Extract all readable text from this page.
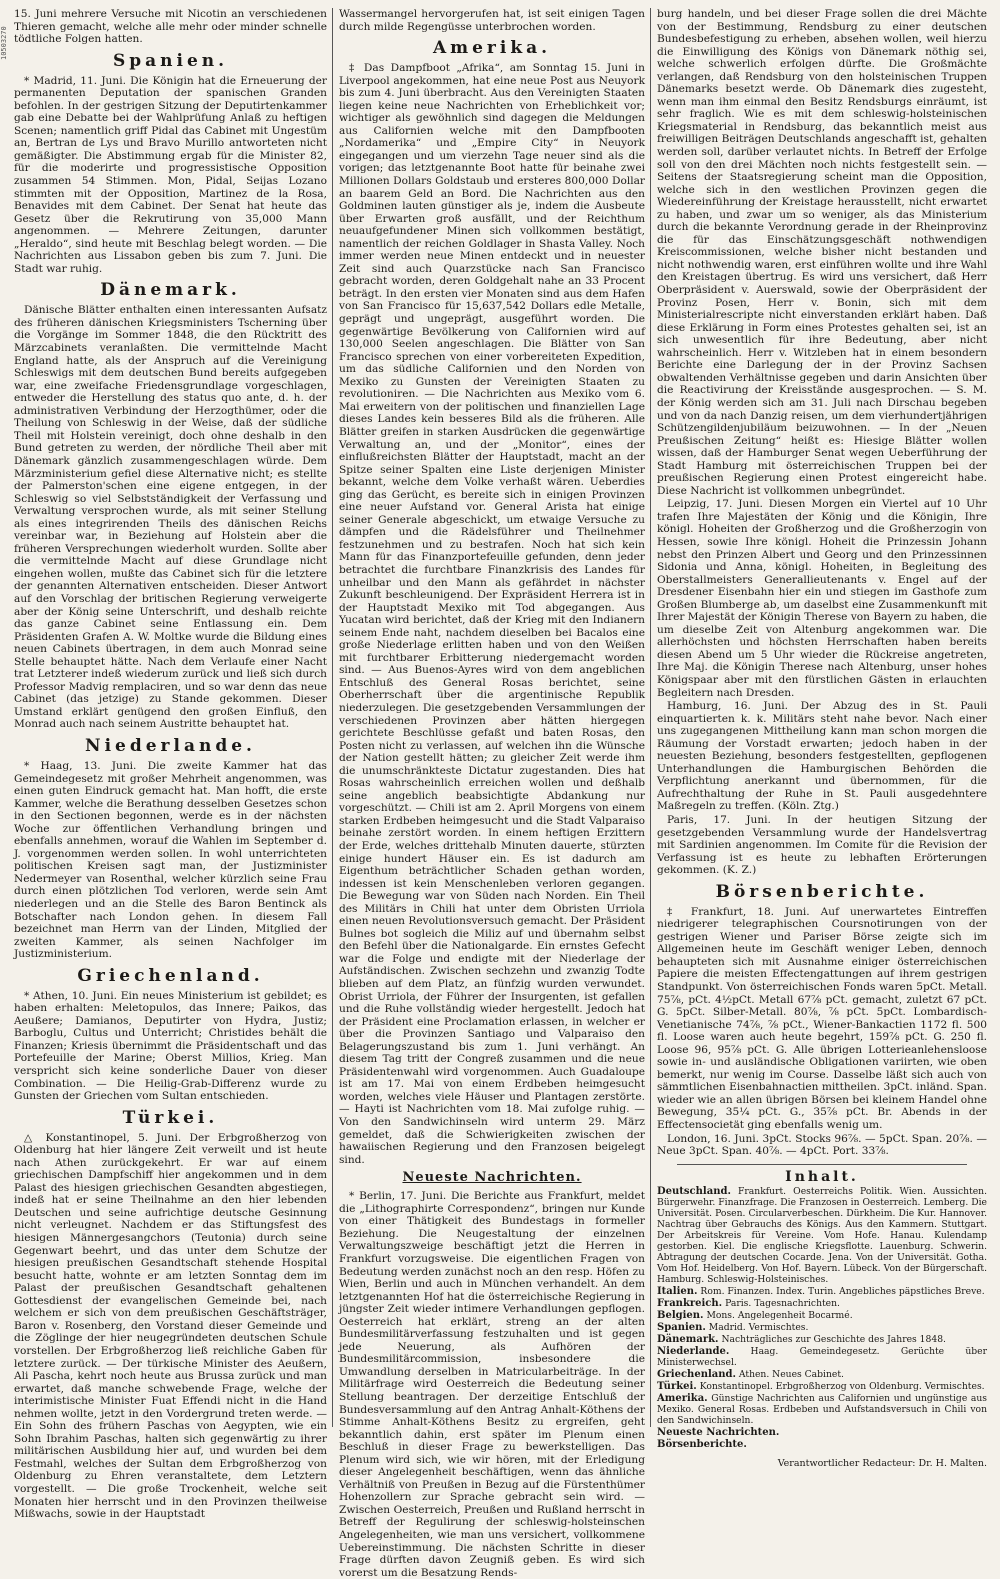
10503270

15. Juni mehrere Versuche mit Nicotin an verschiedenen Thieren gemacht, welche alle mehr oder minder schnelle tödtliche Folgen hatten.

Spanien.

* Madrid, 11. Juni. Die Königin hat die Erneuerung der permanenten Deputation der spanischen Granden befohlen. In der gestrigen Sitzung der Deputirtenkammer gab eine Debatte bei der Wahlprüfung Anlaß zu heftigen Scenen; namentlich griff Pidal das Cabinet mit Ungestüm an, Bertran de Lys und Bravo Murillo antworteten nicht gemäßigter. Die Abstimmung ergab für die Minister 82, für die moderirte und progressistische Opposition zusammen 54 Stimmen. Mon, Pidal, Seijas Lozano stimmten mit der Opposition, Martinez de la Rosa, Benavides mit dem Cabinet. Der Senat hat heute das Gesetz über die Rekrutirung von 35,000 Mann angenommen. — Mehrere Zeitungen, darunter „Heraldo“, sind heute mit Beschlag belegt worden. — Die Nachrichten aus Lissabon geben bis zum 7. Juni. Die Stadt war ruhig.

Dänemark.

Dänische Blätter enthalten einen interessanten Aufsatz des früheren dänischen Kriegsministers Tscherning über die Vorgänge im Sommer 1848, die den Rücktritt des Märzcabinets veranlaßten. Die vermittelnde Macht England hatte, als der Anspruch auf die Vereinigung Schleswigs mit dem deutschen Bund bereits aufgegeben war, eine zweifache Friedensgrundlage vorgeschlagen, entweder die Herstellung des status quo ante, d. h. der administrativen Verbindung der Herzogthümer, oder die Theilung von Schleswig in der Weise, daß der südliche Theil mit Holstein vereinigt, doch ohne deshalb in den Bund getreten zu werden, der nördliche Theil aber mit Dänemark gänzlich zusammengeschlagen würde. Dem Märzministerium gefiel diese Alternative nicht; es stellte der Palmerston'schen eine eigene entgegen, in der Schleswig so viel Selbstständigkeit der Verfassung und Verwaltung versprochen wurde, als mit seiner Stellung als eines integrirenden Theils des dänischen Reichs vereinbar war, in Beziehung auf Holstein aber die früheren Versprechungen wiederholt wurden. Sollte aber die vermittelnde Macht auf diese Grundlage nicht eingehen wollen, mußte das Cabinet sich für die letztere der genannten Alternativen entscheiden. Dieser Antwort auf den Vorschlag der britischen Regierung verweigerte aber der König seine Unterschrift, und deshalb reichte das ganze Cabinet seine Entlassung ein. Dem Präsidenten Grafen A. W. Moltke wurde die Bildung eines neuen Cabinets übertragen, in dem auch Monrad seine Stelle behauptet hätte. Nach dem Verlaufe einer Nacht trat Letzterer indeß wiederum zurück und ließ sich durch Professor Madvig remplaciren, und so war denn das neue Cabinet (das jetzige) zu Stande gekommen. Dieser Umstand erklärt genügend den großen Einfluß, den Monrad auch nach seinem Austritte behauptet hat.

Niederlande.

* Haag, 13. Juni. Die zweite Kammer hat das Gemeindegesetz mit großer Mehrheit angenommen, was einen guten Eindruck gemacht hat. Man hofft, die erste Kammer, welche die Berathung desselben Gesetzes schon in den Sectionen begonnen, werde es in der nächsten Woche zur öffentlichen Verhandlung bringen und ebenfalls annehmen, worauf die Wahlen im September d. J. vorgenommen werden sollen. In wohl unterrichteten politischen Kreisen sagt man, der Justizminister Nedermeyer van Rosenthal, welcher kürzlich seine Frau durch einen plötzlichen Tod verloren, werde sein Amt niederlegen und an die Stelle des Baron Bentinck als Botschafter nach London gehen. In diesem Fall bezeichnet man Herrn van der Linden, Mitglied der zweiten Kammer, als seinen Nachfolger im Justizministerium.

Griechenland.

* Athen, 10. Juni. Ein neues Ministerium ist gebildet; es haben erhalten: Meletopulos, das Innere; Paikos, das Aeußere; Damianos, Deputirter von Hydra, Justiz; Barboglu, Cultus und Unterricht; Christides behält die Finanzen; Kriesis übernimmt die Präsidentschaft und das Portefeuille der Marine; Oberst Millios, Krieg. Man verspricht sich keine sonderliche Dauer von dieser Combination. — Die Heilig-Grab-Differenz wurde zu Gunsten der Griechen vom Sultan entschieden.

Türkei.

△ Konstantinopel, 5. Juni. Der Erbgroßherzog von Oldenburg hat hier längere Zeit verweilt und ist heute nach Athen zurückgekehrt. Er war auf einem griechischen Dampfschiff hier angekommen und in dem Palast des hiesigen griechischen Gesandten abgestiegen, indeß hat er seine Theilnahme an den hier lebenden Deutschen und seine aufrichtige deutsche Gesinnung nicht verleugnet. Nachdem er das Stiftungsfest des hiesigen Männergesangchors (Teutonia) durch seine Gegenwart beehrt, und das unter dem Schutze der hiesigen preußischen Gesandtschaft stehende Hospital besucht hatte, wohnte er am letzten Sonntag dem im Palast der preußischen Gesandtschaft gehaltenen Gottesdienst der evangelischen Gemeinde bei, nach welchem er sich von dem preußischen Geschäftsträger, Baron v. Rosenberg, den Vorstand dieser Gemeinde und die Zöglinge der hier neugegründeten deutschen Schule vorstellen. Der Erbgroßherzog ließ reichliche Gaben für letztere zurück. — Der türkische Minister des Aeußern, Ali Pascha, kehrt noch heute aus Brussa zurück und man erwartet, daß manche schwebende Frage, welche der interimistische Minister Fuat Effendi nicht in die Hand nehmen wollte, jetzt in den Vordergrund treten werde. — Ein Sohn des frühern Paschas von Aegypten, wie ein Sohn Ibrahim Paschas, halten sich gegenwärtig zu ihrer militärischen Ausbildung hier auf, und wurden bei dem Festmahl, welches der Sultan dem Erbgroßherzog von Oldenburg zu Ehren veranstaltete, dem Letztern vorgestellt. — Die große Trockenheit, welche seit Monaten hier herrscht und in den Provinzen theilweise Mißwachs, sowie in der Hauptstadt

Wassermangel hervorgerufen hat, ist seit einigen Tagen durch milde Regengüsse unterbrochen worden.

Amerika.

‡ Das Dampfboot „Afrika“, am Sonntag 15. Juni in Liverpool angekommen, hat eine neue Post aus Neuyork bis zum 4. Juni überbracht. Aus den Vereinigten Staaten liegen keine neue Nachrichten von Erheblichkeit vor; wichtiger als gewöhnlich sind dagegen die Meldungen aus Californien welche mit den Dampfbooten „Nordamerika“ und „Empire City“ in Neuyork eingegangen und um vierzehn Tage neuer sind als die vorigen; das letztgenannte Boot hatte für beinahe zwei Millionen Dollars Goldstaub und ersteres 800,000 Dollar an baarem Geld an Bord. Die Nachrichten aus den Goldminen lauten günstiger als je, indem die Ausbeute über Erwarten groß ausfällt, und der Reichthum neuaufgefundener Minen sich vollkommen bestätigt, namentlich der reichen Goldlager in Shasta Valley. Noch immer werden neue Minen entdeckt und in neuester Zeit sind auch Quarzstücke nach San Francisco gebracht worden, deren Goldgehalt nahe an 33 Procent beträgt. In den ersten vier Monaten sind aus dem Hafen von San Francisco für 15,637,542 Dollars edle Metalle, geprägt und ungeprägt, ausgeführt worden. Die gegenwärtige Bevölkerung von Californien wird auf 130,000 Seelen angeschlagen. Die Blätter von San Francisco sprechen von einer vorbereiteten Expedition, um das südliche Californien und den Norden von Mexiko zu Gunsten der Vereinigten Staaten zu revolutioniren. — Die Nachrichten aus Mexiko vom 6. Mai erweitern von der politischen und finanziellen Lage dieses Landes kein besseres Bild als die früheren. Alle Blätter greifen in starken Ausdrücken die gegenwärtige Verwaltung an, und der „Monitor“, eines der einflußreichsten Blätter der Hauptstadt, macht an der Spitze seiner Spalten eine Liste derjenigen Minister bekannt, welche dem Volke verhaßt wären. Ueberdies ging das Gerücht, es bereite sich in einigen Provinzen eine neuer Aufstand vor. General Arista hat einige seiner Generale abgeschickt, um etwaige Versuche zu dämpfen und die Rädelsführer und Theilnehmer festzunehmen und zu bestrafen. Noch hat sich kein Mann für das Finanzportefeuille gefunden, denn jeder betrachtet die furchtbare Finanzkrisis des Landes für unheilbar und den Mann als gefährdet in nächster Zukunft beschleunigend. Der Expräsident Herrera ist in der Hauptstadt Mexiko mit Tod abgegangen. Aus Yucatan wird berichtet, daß der Krieg mit den Indianern seinem Ende naht, nachdem dieselben bei Bacalos eine große Niederlage erlitten haben und von den Weißen mit furchtbarer Erbitterung niedergemacht worden sind. — Aus Buenos-Ayres wird von dem angeblichen Entschluß des General Rosas berichtet, seine Oberherrschaft über die argentinische Republik niederzulegen. Die gesetzgebenden Versammlungen der verschiedenen Provinzen aber hätten hiergegen gerichtete Beschlüsse gefaßt und baten Rosas, den Posten nicht zu verlassen, auf welchen ihn die Wünsche der Nation gestellt hätten; zu gleicher Zeit werde ihm die unumschränkteste Dictatur zugestanden. Dies hat Rosas wahrscheinlich erreichen wollen und deßhalb seine angeblich beabsichtigte Abdankung nur vorgeschützt. — Chili ist am 2. April Morgens von einem starken Erdbeben heimgesucht und die Stadt Valparaiso beinahe zerstört worden. In einem heftigen Erzittern der Erde, welches drittehalb Minuten dauerte, stürzten einige hundert Häuser ein. Es ist dadurch am Eigenthum beträchtlicher Schaden gethan worden, indessen ist kein Menschenleben verloren gegangen. Die Bewegung war von Süden nach Norden. Ein Theil des Militärs in Chili hat unter dem Obristen Urriola einen neuen Revolutionsversuch gemacht. Der Präsident Bulnes bot sogleich die Miliz auf und übernahm selbst den Befehl über die Nationalgarde. Ein ernstes Gefecht war die Folge und endigte mit der Niederlage der Aufständischen. Zwischen sechzehn und zwanzig Todte blieben auf dem Platz, an fünfzig wurden verwundet. Obrist Urriola, der Führer der Insurgenten, ist gefallen und die Ruhe vollständig wieder hergestellt. Jedoch hat der Präsident eine Proclamation erlassen, in welcher er über die Provinzen Santiago und Valparaiso den Belagerungszustand bis zum 1. Juni verhängt. An diesem Tag tritt der Congreß zusammen und die neue Präsidentenwahl wird vorgenommen. Auch Guadaloupe ist am 17. Mai von einem Erdbeben heimgesucht worden, welches viele Häuser und Plantagen zerstörte. — Hayti ist Nachrichten vom 18. Mai zufolge ruhig. — Von den Sandwichinseln wird unterm 29. März gemeldet, daß die Schwierigkeiten zwischen der hawaiischen Regierung und den Franzosen beigelegt sind.

Neueste Nachrichten.

* Berlin, 17. Juni. Die Berichte aus Frankfurt, meldet die „Lithographirte Correspondenz“, bringen nur Kunde von einer Thätigkeit des Bundestags in formeller Beziehung. Die Neugestaltung der einzelnen Verwaltungszweige beschäftigt jetzt die Herren in Frankfurt vorzugsweise. Die eigentlichen Fragen von Bedeutung werden zunächst noch an den resp. Höfen zu Wien, Berlin und auch in München verhandelt. An dem letztgenannten Hof hat die österreichische Regierung in jüngster Zeit wieder intimere Verhandlungen gepflogen. Oesterreich hat erklärt, streng an der alten Bundesmilitärverfassung festzuhalten und ist gegen jede Neuerung, als Aufhören der Bundesmilitärcommission, insbesondere die Umwandlung derselben in Matricularbeiträge. In der Militärfrage wird Oesterreich die Bedeutung seiner Stellung beantragen. Der derzeitige Entschluß der Bundesversammlung auf den Antrag Anhalt-Köthens der Stimme Anhalt-Köthens Besitz zu ergreifen, geht bekanntlich dahin, erst später im Plenum einen Beschluß in dieser Frage zu bewerkstelligen. Das Plenum wird sich, wie wir hören, mit der Erledigung dieser Angelegenheit beschäftigen, wenn das ähnliche Verhältniß von Preußen in Bezug auf die Fürstenthümer Hohenzollern zur Sprache gebracht sein wird. — Zwischen Oesterreich, Preußen und Rußland herrscht in Betreff der Regulirung der schleswig-holsteinschen Angelegenheiten, wie man uns versichert, vollkommene Uebereinstimmung. Die nächsten Schritte in dieser Frage dürften davon Zeugniß geben. Es wird sich vorerst um die Besatzung Rends-

burg handeln, und bei dieser Frage sollen die drei Mächte von der Bestimmung, Rendsburg zu einer deutschen Bundesbefestigung zu erheben, absehen wollen, weil hierzu die Einwilligung des Königs von Dänemark nöthig sei, welche schwerlich erfolgen dürfte. Die Großmächte verlangen, daß Rendsburg von den holsteinischen Truppen Dänemarks besetzt werde. Ob Dänemark dies zugesteht, wenn man ihm einmal den Besitz Rendsburgs einräumt, ist sehr fraglich. Wie es mit dem schleswig-holsteinischen Kriegsmaterial in Rendsburg, das bekanntlich meist aus freiwilligen Beiträgen Deutschlands angeschafft ist, gehalten werden soll, darüber verlautet nichts. In Betreff der Erfolge soll von den drei Mächten noch nichts festgestellt sein. — Seitens der Staatsregierung scheint man die Opposition, welche sich in den westlichen Provinzen gegen die Wiedereinführung der Kreistage herausstellt, nicht erwartet zu haben, und zwar um so weniger, als das Ministerium durch die bekannte Verordnung gerade in der Rheinprovinz die für das Einschätzungsgeschäft nothwendigen Kreiscommissionen, welche bisher nicht bestanden und nicht nothwendig waren, erst einführen wollte und ihre Wahl den Kreistagen übertrug. Es wird uns versichert, daß Herr Oberpräsident v. Auerswald, sowie der Oberpräsident der Provinz Posen, Herr v. Bonin, sich mit dem Ministerialrescripte nicht einverstanden erklärt haben. Daß diese Erklärung in Form eines Protestes gehalten sei, ist an sich unwesentlich für ihre Bedeutung, aber nicht wahrscheinlich. Herr v. Witzleben hat in einem besondern Berichte eine Darlegung der in der Provinz Sachsen obwaltenden Verhältnisse gegeben und darin Ansichten über die Reactivirung der Kreisstände ausgesprochen. — S. M. der König werden sich am 31. Juli nach Dirschau begeben und von da nach Danzig reisen, um dem vierhundertjährigen Schützengildenjubiläum beizuwohnen. — In der „Neuen Preußischen Zeitung“ heißt es: Hiesige Blätter wollen wissen, daß der Hamburger Senat wegen Ueberführung der Stadt Hamburg mit österreichischen Truppen bei der preußischen Regierung einen Protest eingereicht habe. Diese Nachricht ist vollkommen unbegründet.

Leipzig, 17. Juni. Diesen Morgen ein Viertel auf 10 Uhr trafen Ihre Majestäten der König und die Königin, Ihre königl. Hoheiten der Großherzog und die Großherzogin von Hessen, sowie Ihre königl. Hoheit die Prinzessin Johann nebst den Prinzen Albert und Georg und den Prinzessinnen Sidonia und Anna, königl. Hoheiten, in Begleitung des Oberstallmeisters Generallieutenants v. Engel auf der Dresdener Eisenbahn hier ein und stiegen im Gasthofe zum Großen Blumberge ab, um daselbst eine Zusammenkunft mit Ihrer Majestät der Königin Therese von Bayern zu haben, die um dieselbe Zeit von Altenburg angekommen war. Die allerhöchsten und höchsten Herrschaften haben bereits diesen Abend um 5 Uhr wieder die Rückreise angetreten, Ihre Maj. die Königin Therese nach Altenburg, unser hohes Königspaar aber mit den fürstlichen Gästen in erlauchten Begleitern nach Dresden.

Hamburg, 16. Juni. Der Abzug des in St. Pauli einquartierten k. k. Militärs steht nahe bevor. Nach einer uns zugegangenen Mittheilung kann man schon morgen die Räumung der Vorstadt erwarten; jedoch haben in der neuesten Beziehung, besonders festgestellten, gepflogenen Unterhandlungen die Hamburgischen Behörden die Verpflichtung anerkannt und übernommen, für die Aufrechthaltung der Ruhe in St. Pauli ausgedehntere Maßregeln zu treffen. (Köln. Ztg.)

Paris, 17. Juni. In der heutigen Sitzung der gesetzgebenden Versammlung wurde der Handelsvertrag mit Sardinien angenommen. Im Comite für die Revision der Verfassung ist es heute zu lebhaften Erörterungen gekommen. (K. Z.)

Börsenberichte.

‡ Frankfurt, 18. Juni. Auf unerwartetes Eintreffen niedrigerer telegraphischen Coursnotirungen von der gestrigen Wiener und Pariser Börse zeigte sich im Allgemeinen heute im Geschäft weniger Leben, dennoch behaupteten sich mit Ausnahme einiger österreichischen Papiere die meisten Effectengattungen auf ihrem gestrigen Standpunkt. Von österreichischen Fonds waren 5pCt. Metall. 75⅞, pCt. 4½pCt. Metall 67⅞ pCt. gemacht, zuletzt 67 pCt. G. 5pCt. Silber-Metall. 80⅞, ⅞ pCt. 5pCt. Lombardisch-Venetianische 74⅞, ⅞ pCt., Wiener-Bankactien 1172 fl. 500 fl. Loose waren auch heute begehrt, 159⅞ pCt. G. 250 fl. Loose 96, 95⅞ pCt. G. Alle übrigen Lotterieanlehensloose sowie in- und ausländische Obligationen variirten, wie oben bemerkt, nur wenig im Course. Dasselbe läßt sich auch von sämmtlichen Eisenbahnactien mittheilen. 3pCt. inländ. Span. wieder wie an allen übrigen Börsen bei kleinem Handel ohne Bewegung, 35¼ pCt. G., 35⅞ pCt. Br. Abends in der Effectensocietät ging ebenfalls wenig um.

London, 16. Juni. 3pCt. Stocks 96⅞. — 5pCt. Span. 20⅞. — Neue 3pCt. Span. 40⅞. — 4pCt. Port. 33⅞.

Inhalt.

Deutschland. Frankfurt. Oesterreichs Politik. Wien. Aussichten. Bürgerwehr. Finanzfrage. Die Franzosen in Oesterreich. Lemberg. Die Universität. Posen. Circularverbeschen. Dürkheim. Die Kur. Hannover. Nachtrag über Gebrauchs des Königs. Aus den Kammern. Stuttgart. Der Arbeitskreis für Vereine. Vom Hofe. Hanau. Kulendamp gestorben. Kiel. Die englische Kriegsflotte. Lauenburg. Schwerin. Abtragung der deutschen Cocarde. Jena. Von der Universität. Gotha. Vom Hof. Heidelberg. Von Hof. Bayern. Lübeck. Von der Bürgerschaft. Hamburg. Schleswig-Holsteinisches.

Italien. Rom. Finanzen. Index. Turin. Angebliches päpstliches Breve.

Frankreich. Paris. Tagesnachrichten.

Belgien. Mons. Angelegenheit Bocarmé.

Spanien. Madrid. Vermischtes.

Dänemark. Nachträgliches zur Geschichte des Jahres 1848.

Niederlande. Haag. Gemeindegesetz. Gerüchte über Ministerwechsel.

Griechenland. Athen. Neues Cabinet.

Türkei. Konstantinopel. Erbgroßherzog von Oldenburg. Vermischtes.

Amerika. Günstige Nachrichten aus Californien und ungünstige aus Mexiko. General Rosas. Erdbeben und Aufstandsversuch in Chili von den Sandwichinseln.

Neueste Nachrichten.

Börsenberichte.

Verantwortlicher Redacteur: Dr. H. Malten.
